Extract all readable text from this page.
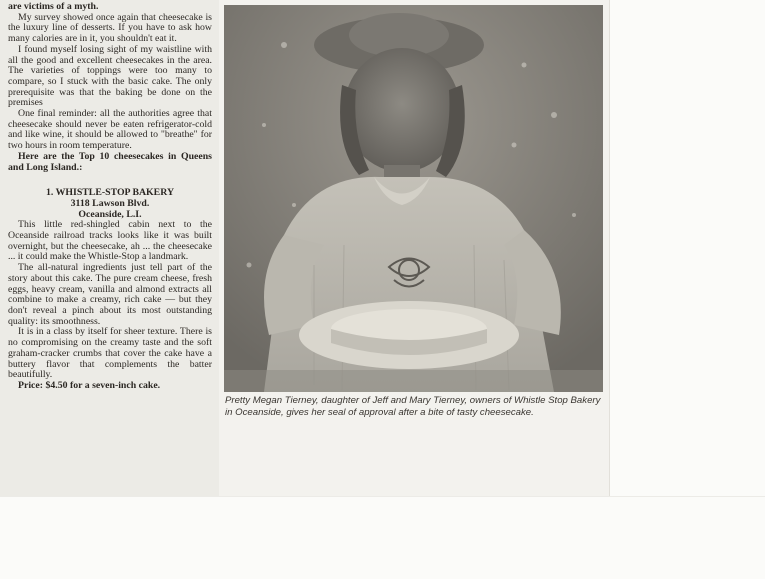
are victims of a myth.

My survey showed once again that cheesecake is the luxury line of desserts. If you have to ask how many calories are in it, you shouldn't eat it.

I found myself losing sight of my waistline with all the good and excellent cheesecakes in the area. The varieties of toppings were too many to compare, so I stuck with the basic cake. The only prerequisite was that the baking be done on the premises

One final reminder: all the authorities agree that cheesecake should never be eaten refrigerator-cold and like wine, it should be allowed to "breathe" for two hours in room temperature.

Here are the Top 10 cheesecakes in Queens and Long Island.:

1. WHISTLE-STOP BAKERY

3118 Lawson Blvd.

Oceanside, L.I.

This little red-shingled cabin next to the Oceanside railroad tracks looks like it was built overnight, but the cheesecake, ah ... the cheesecake ... it could make the Whistle-Stop a landmark.

The all-natural ingredients just tell part of the story about this cake. The pure cream cheese, fresh eggs, heavy cream, vanilla and almond extracts all combine to make a creamy, rich cake — but they don't reveal a pinch about its most outstanding quality: its smoothness.

It is in a class by itself for sheer texture. There is no compromising on the creamy taste and the soft graham-cracker crumbs that cover the cake have a buttery flavor that complements the batter beautifully.

Price: $4.50 for a seven-inch cake.

Pretty Megan Tierney, daughter of Jeff and Mary Tierney, owners of Whistle Stop Bakery in Oceanside, gives her seal of approval after a bite of tasty cheesecake.
